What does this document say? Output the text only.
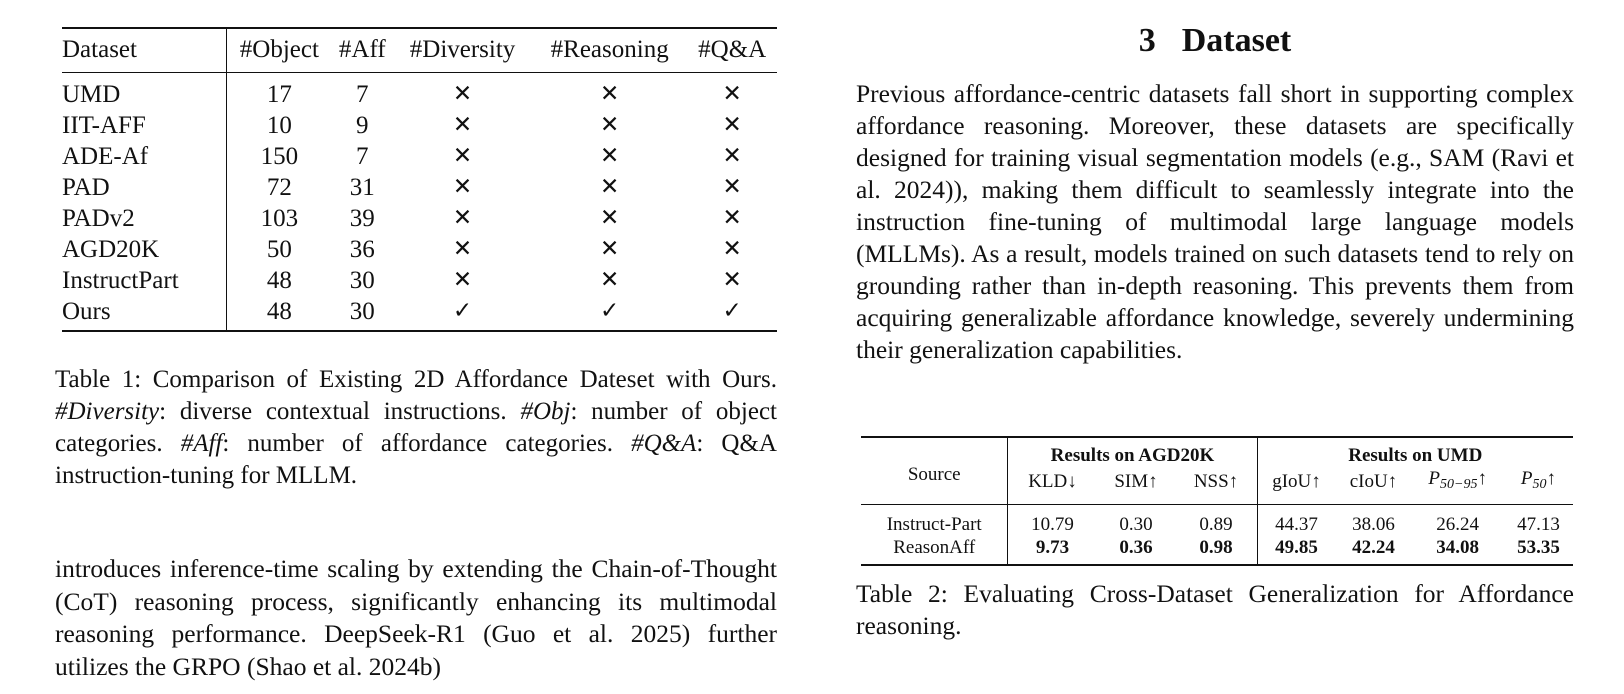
Dataset	#Object	#Aff	#Diversity	#Reasoning	#Q&A
UMD	17	7	✕	✕	✕
IIT-AFF	10	9	✕	✕	✕
ADE-Af	150	7	✕	✕	✕
PAD	72	31	✕	✕	✕
PADv2	103	39	✕	✕	✕
AGD20K	50	36	✕	✕	✕
InstructPart	48	30	✕	✕	✕
Ours	48	30	✓	✓	✓
Table 1: Comparison of Existing 2D Affordance Dateset with Ours. #Diversity: diverse contextual instructions. #Obj: number of object categories. #Aff: number of affordance categories. #Q&A: Q&A instruction-tuning for MLLM.
introduces inference-time scaling by extending the Chain-of-Thought (CoT) reasoning process, significantly enhancing its multimodal reasoning performance. DeepSeek-R1 (Guo et al. 2025) further utilizes the GRPO (Shao et al. 2024b)
3 Dataset
Previous affordance-centric datasets fall short in supporting complex affordance reasoning. Moreover, these datasets are specifically designed for training visual segmentation models (e.g., SAM (Ravi et al. 2024)), making them difficult to seamlessly integrate into the instruction fine-tuning of multimodal large language models (MLLMs). As a result, models trained on such datasets tend to rely on grounding rather than in-depth reasoning. This prevents them from acquiring generalizable affordance knowledge, severely undermining their generalization capabilities.
Source	Results on AGD20K			Results on UMD			
	KLD↓	SIM↑	NSS↑	gIoU↑	cIoU↑	$P_{50-95}↑$	$P_{50}↑$
Instruct-Part	10.79	0.30	0.89	44.37	38.06	26.24	47.13
ReasonAff	9.73	0.36	0.98	49.85	42.24	34.08	53.35
Table 2: Evaluating Cross-Dataset Generalization for Affordance reasoning.
